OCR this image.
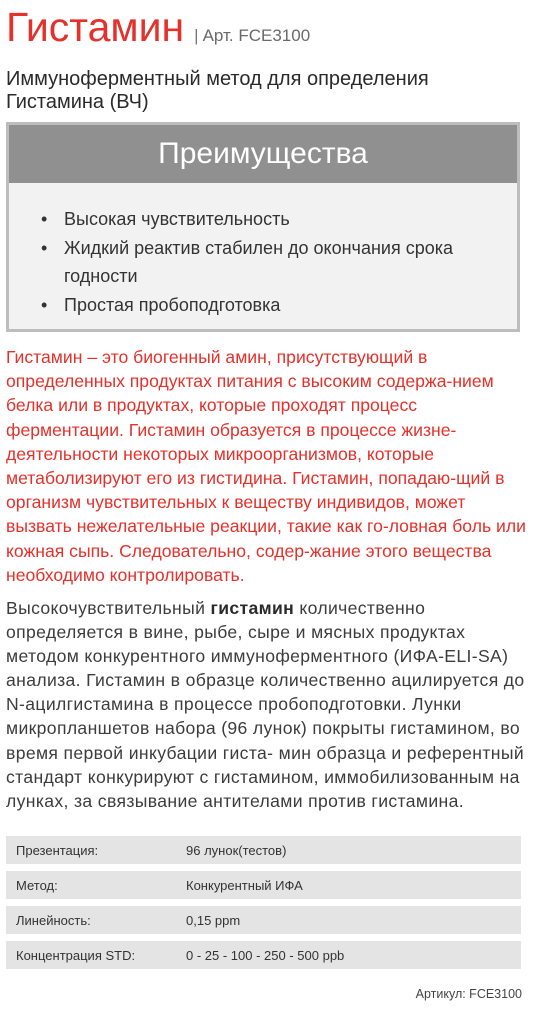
Гистамин | Арт. FCE3100
Иммуноферментный метод для определения Гистамина (ВЧ)
Преимущества
• Высокая чувствительность
• Жидкий реактив стабилен до окончания срока годности
• Простая пробоподготовка

Гистамин – это биогенный амин, присутствующий в определенных продуктах питания с высоким содержа-нием белка или в продуктах, которые проходят процесс ферментации. Гистамин образуется в процессе жизне-деятельности некоторых микроорганизмов, которые метаболизируют его из гистидина. Гистамин, попадаю-щий в организм чувствительных к веществу индивидов, может вызвать нежелательные реакции, такие как го-ловная боль или кожная сыпь. Следовательно, содер-жание этого вещества необходимо контролировать.

Высокочувствительный гистамин количественно определяется в вине, рыбе, сыре и мясных продуктах методом конкурентного иммуноферментного (ИФА-ELI-SA) анализа. Гистамин в образце количественно ацилируется до N-ацилгистамина в процессе пробоподготовки. Лунки микропланшетов набора (96 лунок) покрыты гистамином, во время первой инкубации гиста- мин образца и референтный стандарт конкурируют с гистамином, иммобилизованным на лунках, за связывание антителами против гистамина.

Презентация:	96 лунок(тестов)
Метод:	Конкурентный ИФА
Линейность:	0,15 ppm
Концентрация STD:	0 - 25 - 100 - 250 - 500 ppb
Артикул: FCE3100
